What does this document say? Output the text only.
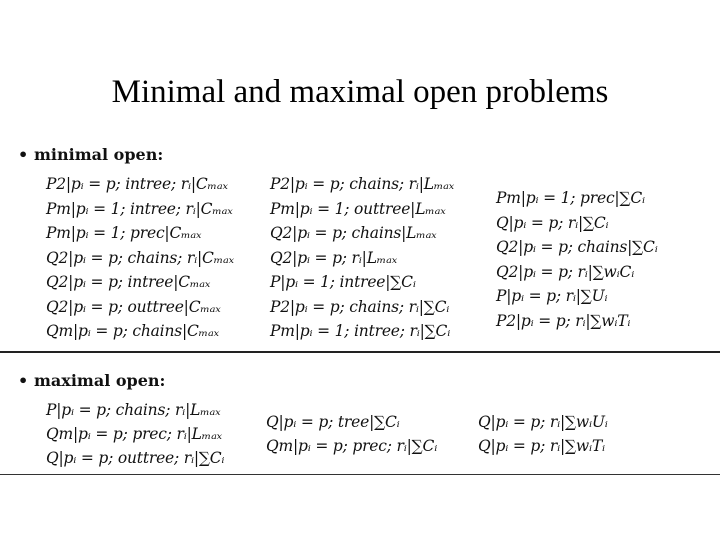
Minimal and maximal open problems
• minimal open:
P2|pᵢ = p; intree; rᵢ|Cₘₐₓ
Pm|pᵢ = 1; intree; rᵢ|Cₘₐₓ
Pm|pᵢ = 1; prec|Cₘₐₓ
Q2|pᵢ = p; chains; rᵢ|Cₘₐₓ
Q2|pᵢ = p; intree|Cₘₐₓ
Q2|pᵢ = p; outtree|Cₘₐₓ
Qm|pᵢ = p; chains|Cₘₐₓ
P2|pᵢ = p; chains; rᵢ|Lₘₐₓ
Pm|pᵢ = 1; outtree|Lₘₐₓ
Q2|pᵢ = p; chains|Lₘₐₓ
Q2|pᵢ = p; rᵢ|Lₘₐₓ
P|pᵢ = 1; intree|∑Cᵢ
P2|pᵢ = p; chains; rᵢ|∑Cᵢ
Pm|pᵢ = 1; intree; rᵢ|∑Cᵢ
Pm|pᵢ = 1; prec|∑Cᵢ
Q|pᵢ = p; rᵢ|∑Cᵢ
Q2|pᵢ = p; chains|∑Cᵢ
Q2|pᵢ = p; rᵢ|∑wᵢCᵢ
P|pᵢ = p; rᵢ|∑Uᵢ
P2|pᵢ = p; rᵢ|∑wᵢTᵢ
• maximal open:
P|pᵢ = p; chains; rᵢ|Lₘₐₓ
Qm|pᵢ = p; prec; rᵢ|Lₘₐₓ
Q|pᵢ = p; outtree; rᵢ|∑Cᵢ
Q|pᵢ = p; tree|∑Cᵢ
Qm|pᵢ = p; prec; rᵢ|∑Cᵢ
Q|pᵢ = p; rᵢ|∑wᵢUᵢ
Q|pᵢ = p; rᵢ|∑wᵢTᵢ
